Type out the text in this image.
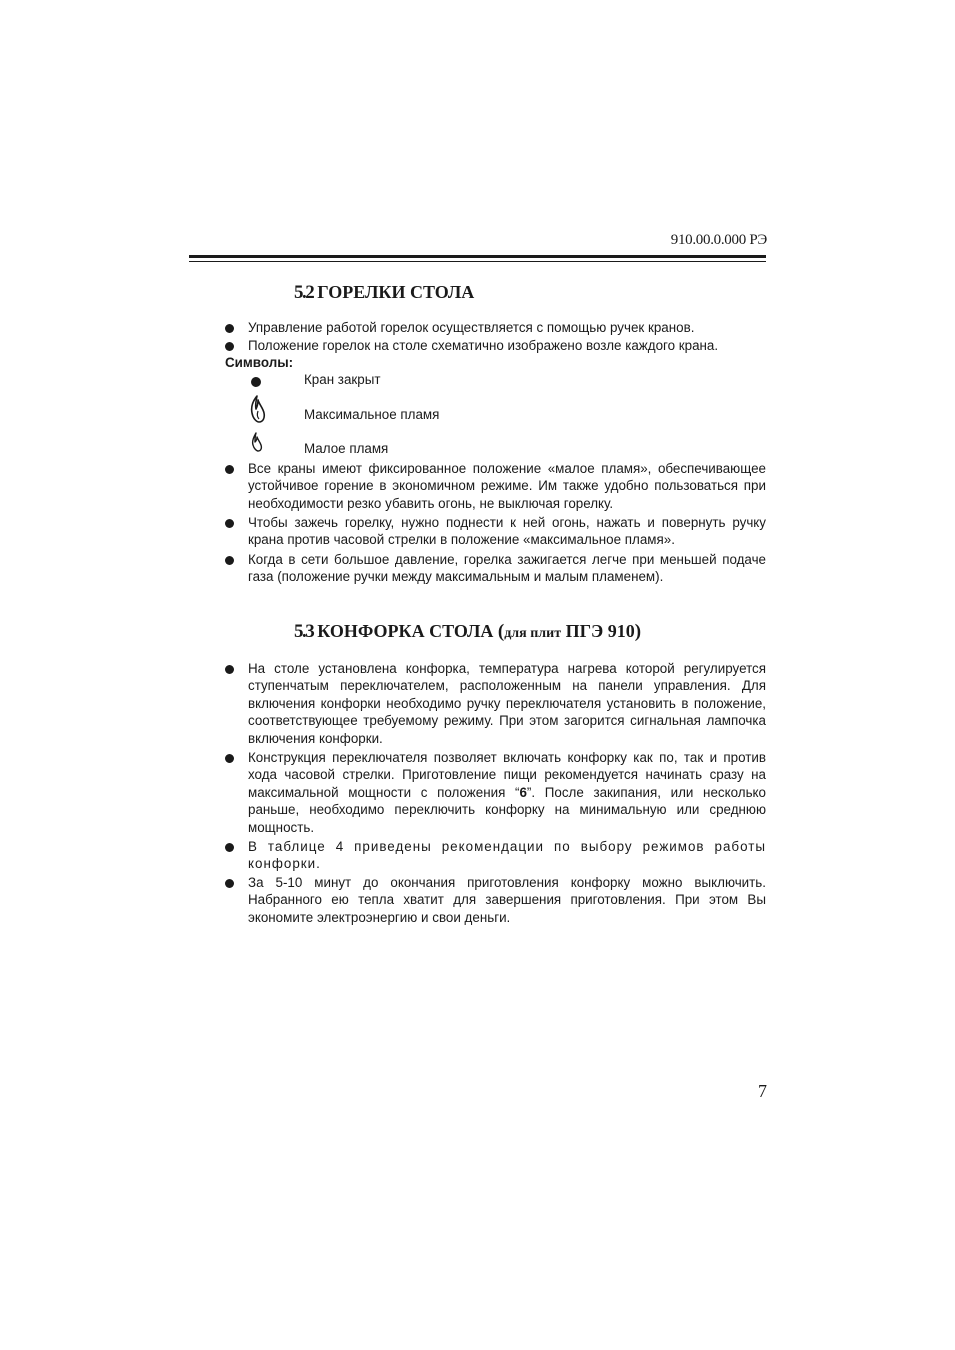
910.00.0.000 РЭ
5.2 ГОРЕЛКИ СТОЛА
Управление работой горелок осуществляется с помощью ручек кранов.
Положение горелок на столе схематично изображено возле каждого крана.
Символы:
Кран закрыт
Максимальное пламя
Малое пламя
Все краны имеют фиксированное положение «малое пламя», обеспечивающее устойчивое горение в экономичном режиме. Им также удобно пользоваться при необходимости резко убавить огонь, не выключая горелку.
Чтобы зажечь горелку, нужно поднести к ней огонь, нажать и повернуть ручку крана против часовой стрелки в положение «максимальное пламя».
Когда в сети большое давление, горелка зажигается легче при меньшей подаче газа (положение ручки между максимальным и малым пламенем).
5.3 КОНФОРКА СТОЛА (для плит ПГЭ 910)
На столе установлена конфорка, температура нагрева которой регулируется ступенчатым переключателем, расположенным на панели управления. Для включения конфорки необходимо ручку переключателя установить в положение, соответствующее требуемому режиму. При этом загорится сигнальная лампочка включения конфорки.
Конструкция переключателя позволяет включать конфорку как по, так и против хода часовой стрелки. Приготовление пищи рекомендуется начинать сразу на максимальной мощности с положения “6”. После закипания, или несколько раньше, необходимо переключить конфорку на минимальную или среднюю мощность.
В таблице 4 приведены рекомендации по выбору режимов работы конфорки.
За 5-10 минут до окончания приготовления конфорку можно выключить. Набранного ею тепла хватит для завершения приготовления. При этом Вы экономите электроэнергию и свои деньги.
7
